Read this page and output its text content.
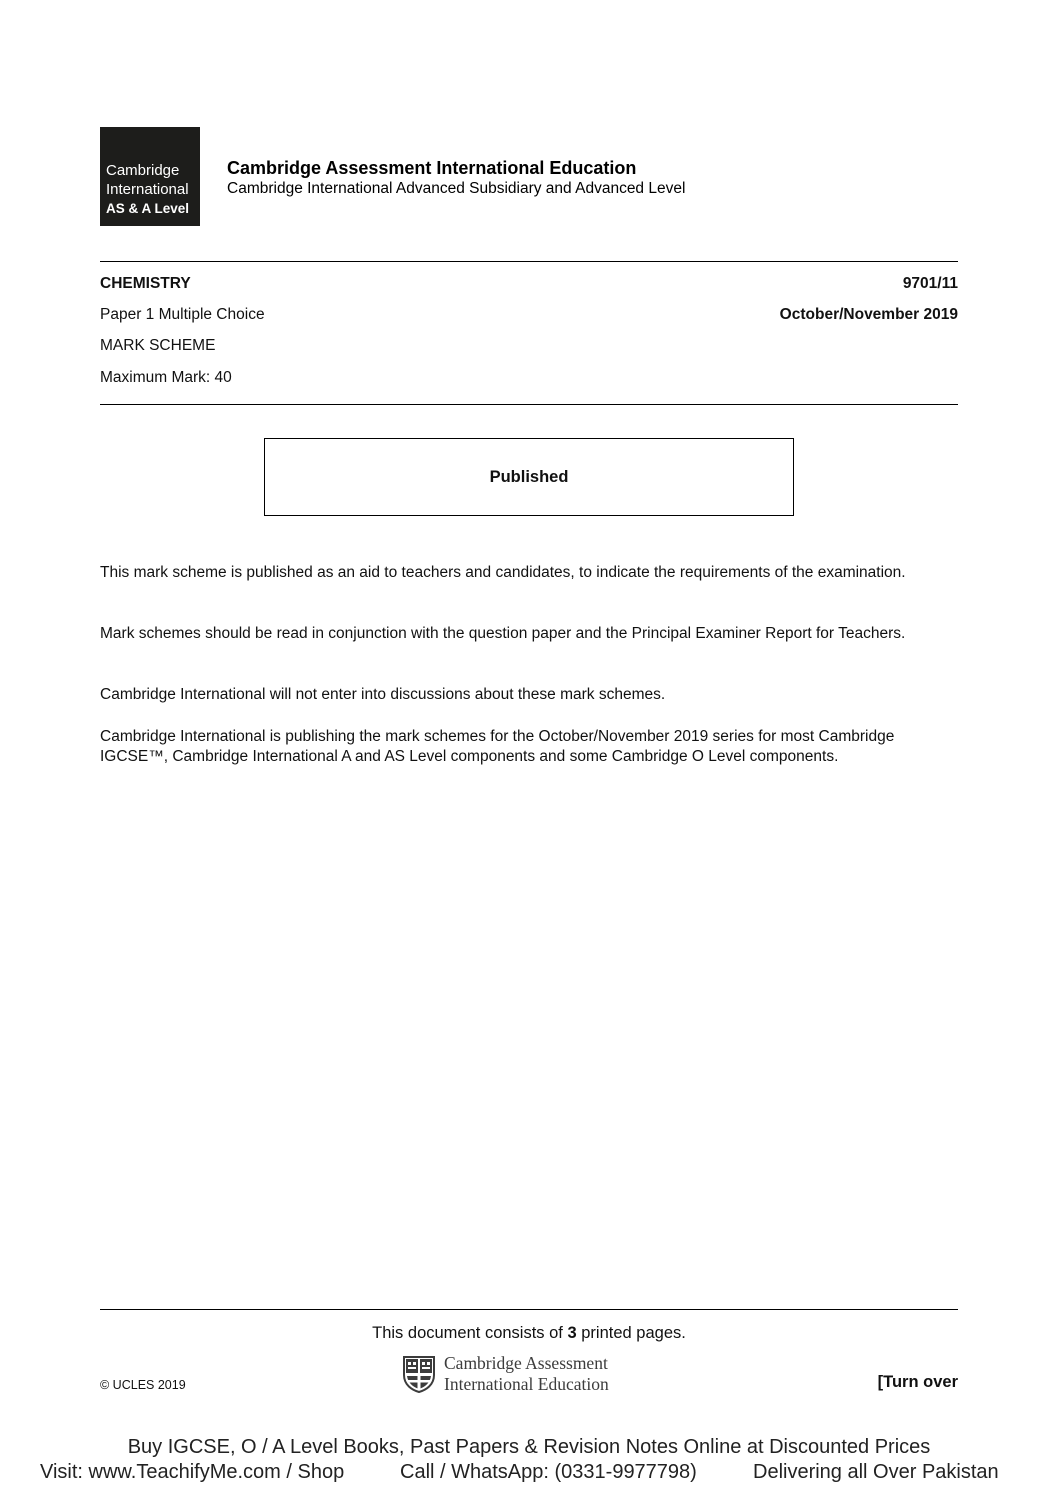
Cambridge
International
AS & A Level
Cambridge Assessment International Education
Cambridge International Advanced Subsidiary and Advanced Level
CHEMISTRY	9701/11
Paper 1 Multiple Choice	October/November 2019
MARK SCHEME
Maximum Mark: 40
Published

This mark scheme is published as an aid to teachers and candidates, to indicate the requirements of the examination.

Mark schemes should be read in conjunction with the question paper and the Principal Examiner Report for Teachers.

Cambridge International will not enter into discussions about these mark schemes.

Cambridge International is publishing the mark schemes for the October/November 2019 series for most Cambridge IGCSE™, Cambridge International A and AS Level components and some Cambridge O Level components.

This document consists of 3 printed pages.
Cambridge Assessment
International Education
© UCLES 2019	[Turn over
Buy IGCSE, O / A Level Books, Past Papers & Revision Notes Online at Discounted Prices
Visit: www.TeachifyMe.com / Shop	Call / WhatsApp: (0331-9977798)	Delivering all Over Pakistan
